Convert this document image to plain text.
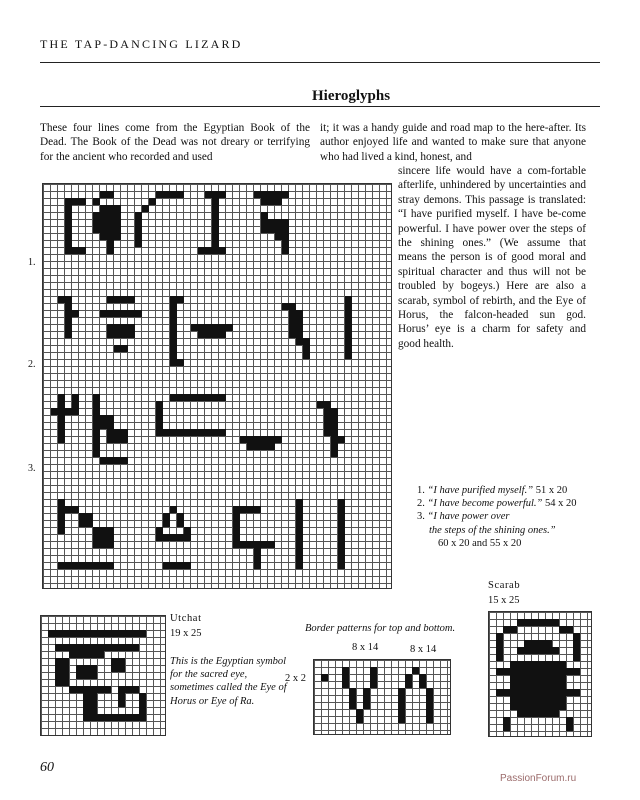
THE TAP-DANCING LIZARD
Hieroglyphs
These four lines come from the Egyptian Book of the Dead. The Book of the Dead was not dreary or terrifying for the ancient who recorded and used
it; it was a handy guide and road map to the here-after. Its author enjoyed life and wanted to make sure that anyone who had lived a kind, honest, and
sincere life would have a com-fortable afterlife, unhindered by uncertainties and stray demons. This passage is translated: “I have purified myself. I have be-come powerful. I have power over the steps of the shining ones.” (We assume that means the person is of good moral and spiritual character and thus will not be troubled by bogeys.) Here are also a scarab, symbol of rebirth, and the Eye of Horus, the falcon-headed sun god. Horus’ eye is a charm for safety and good health.
1.
2.
3.
1. “I have purified myself.” 51 x 20
2. “I have become powerful.” 54 x 20
3. “I have power over
the steps of the shining ones.”
60 x 20 and 55 x 20
Utchat
19 x 25
This is the Egyptian symbol for the sacred eye, sometimes called the Eye of Horus or Eye of Ra.
Border patterns for top and bottom.
8 x 14	8 x 14
2 x 2
Scarab
15 x 25
60
PassionForum.ru
